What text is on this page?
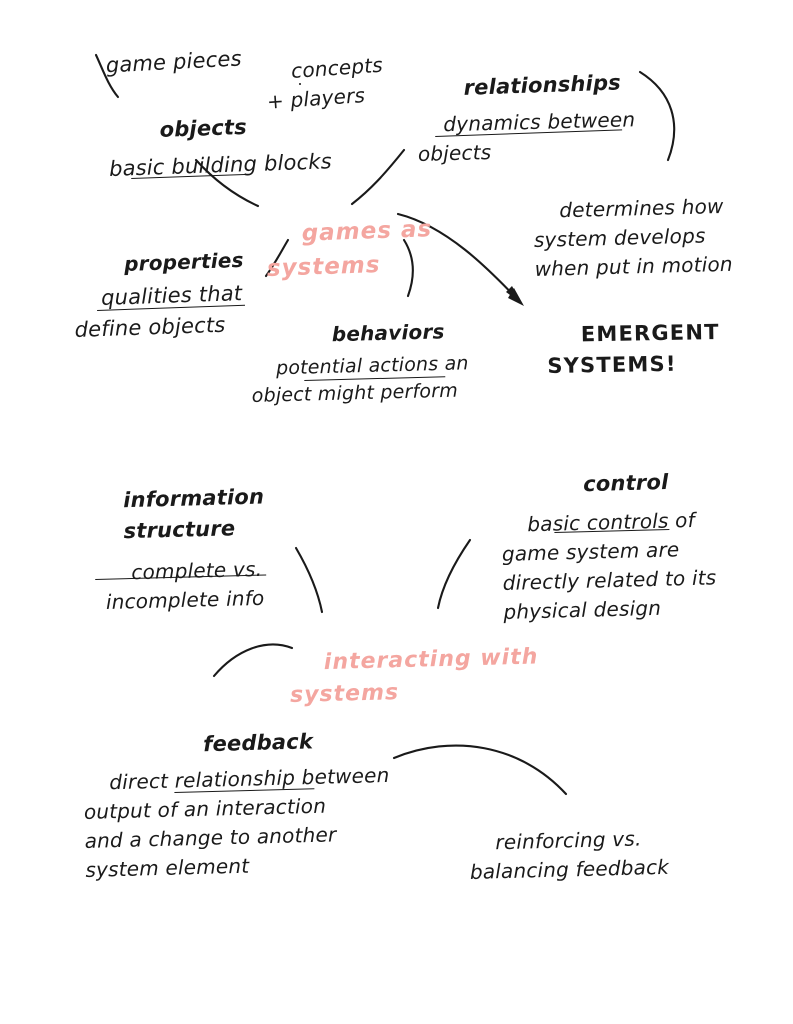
game pieces
	concepts
+ players

objects

basic building blocks

relationships

dynamics between
objects

determines how
system develops
when put in motion

games as
systems

properties

qualities that
define objects
	behaviors

potential actions an
object might perform

EMERGENT
SYSTEMS!

information
structure

complete vs.
incomplete info

control

basic controls of
game system are
directly related to its
physical design

interacting with
systems

feedback

direct relationship between
output of an interaction
and a change to another
system element

reinforcing vs.
balancing feedback
